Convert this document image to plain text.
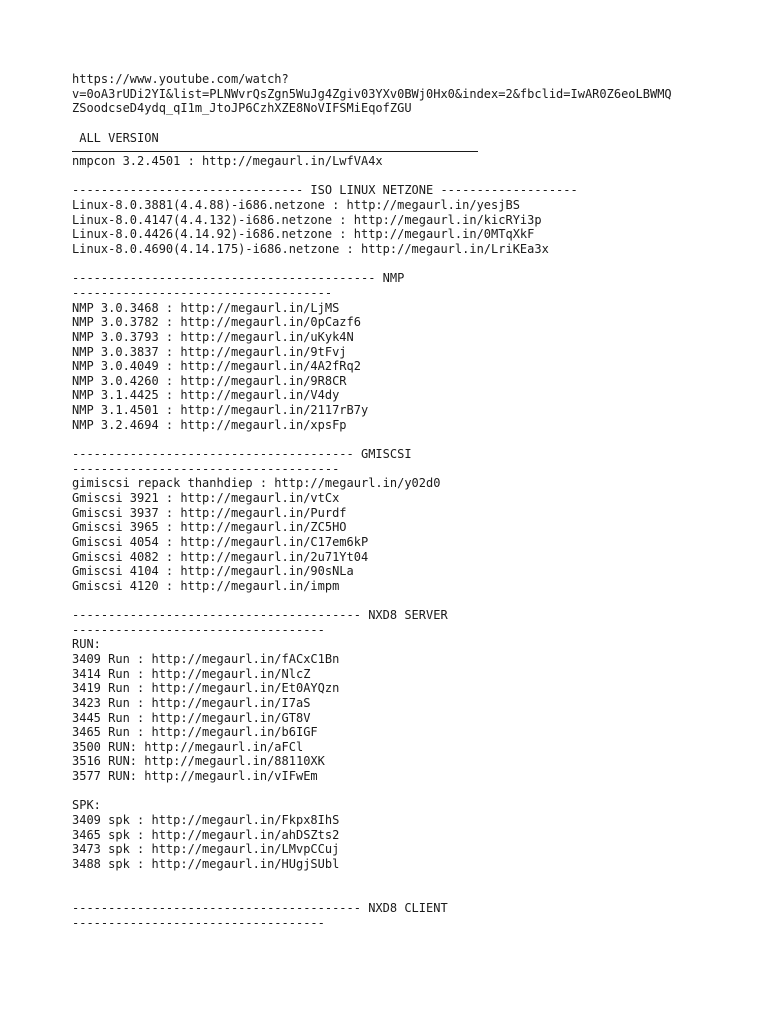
https://www.youtube.com/watch?
v=0oA3rUDi2YI&list=PLNWvrQsZgn5WuJg4Zgiv03YXv0BWj0Hx0&index=2&fbclid=IwAR0Z6eoLBWMQ
ZSoodcseD4ydq_qI1m_JtoJP6CzhXZE8NoVIFSMiEqofZGU
ALL VERSION
nmpcon 3.2.4501 : http://megaurl.in/LwfVA4x
-------------------------------- ISO LINUX NETZONE -------------------
Linux-8.0.3881(4.4.88)-i686.netzone : http://megaurl.in/yesjBS
Linux-8.0.4147(4.4.132)-i686.netzone : http://megaurl.in/kicRYi3p
Linux-8.0.4426(4.14.92)-i686.netzone : http://megaurl.in/0MTqXkF
Linux-8.0.4690(4.14.175)-i686.netzone : http://megaurl.in/LriKEa3x
------------------------------------------ NMP
------------------------------------
NMP 3.0.3468 : http://megaurl.in/LjMS
NMP 3.0.3782 : http://megaurl.in/0pCazf6
NMP 3.0.3793 : http://megaurl.in/uKyk4N
NMP 3.0.3837 : http://megaurl.in/9tFvj
NMP 3.0.4049 : http://megaurl.in/4A2fRq2
NMP 3.0.4260 : http://megaurl.in/9R8CR
NMP 3.1.4425 : http://megaurl.in/V4dy
NMP 3.1.4501 : http://megaurl.in/2117rB7y
NMP 3.2.4694 : http://megaurl.in/xpsFp
--------------------------------------- GMISCSI
-------------------------------------
gimiscsi repack thanhdiep : http://megaurl.in/y02d0
Gmiscsi 3921 : http://megaurl.in/vtCx
Gmiscsi 3937 : http://megaurl.in/Purdf
Gmiscsi 3965 : http://megaurl.in/ZC5HO
Gmiscsi 4054 : http://megaurl.in/C17em6kP
Gmiscsi 4082 : http://megaurl.in/2u71Yt04
Gmiscsi 4104 : http://megaurl.in/90sNLa
Gmiscsi 4120 : http://megaurl.in/impm
---------------------------------------- NXD8 SERVER
-----------------------------------
RUN:
3409 Run : http://megaurl.in/fACxC1Bn
3414 Run : http://megaurl.in/NlcZ
3419 Run : http://megaurl.in/Et0AYQzn
3423 Run : http://megaurl.in/I7aS
3445 Run : http://megaurl.in/GT8V
3465 Run : http://megaurl.in/b6IGF
3500 RUN: http://megaurl.in/aFCl
3516 RUN: http://megaurl.in/88110XK
3577 RUN: http://megaurl.in/vIFwEm
SPK:
3409 spk : http://megaurl.in/Fkpx8IhS
3465 spk : http://megaurl.in/ahDSZts2
3473 spk : http://megaurl.in/LMvpCCuj
3488 spk : http://megaurl.in/HUgjSUbl
---------------------------------------- NXD8 CLIENT
-----------------------------------
